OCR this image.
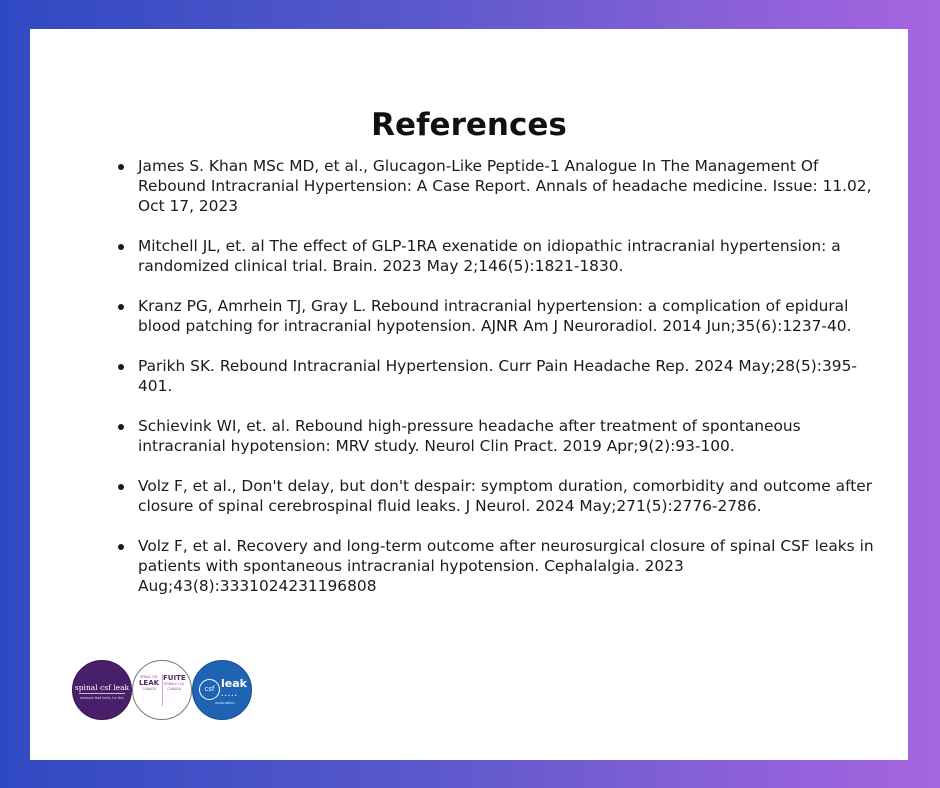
References
James S. Khan MSc MD, et al., Glucagon-Like Peptide-1 Analogue In The Management Of Rebound Intracranial Hypertension: A Case Report. Annals of headache medicine. Issue: 11.02, Oct 17, 2023
Mitchell JL, et. al The effect of GLP-1RA exenatide on idiopathic intracranial hypertension: a randomized clinical trial. Brain. 2023 May 2;146(5):1821-1830.
Kranz PG, Amrhein TJ, Gray L. Rebound intracranial hypertension: a complication of epidural blood patching for intracranial hypotension. AJNR Am J Neuroradiol. 2014 Jun;35(6):1237-40.
Parikh SK. Rebound Intracranial Hypertension. Curr Pain Headache Rep. 2024 May;28(5):395-401.
Schievink WI, et. al. Rebound high-pressure headache after treatment of spontaneous intracranial hypotension: MRV study. Neurol Clin Pract. 2019 Apr;9(2):93-100.
Volz F, et al., Don't delay, but don't despair: symptom duration, comorbidity and outcome after closure of spinal cerebrospinal fluid leaks. J Neurol. 2024 May;271(5):2776-2786.
Volz F, et al. Recovery and long-term outcome after neurosurgical closure of spinal CSF leaks in patients with spontaneous intracranial hypotension. Cephalalgia. 2023 Aug;43(8):3331024231196808
spinal csf leak
because that hurts, try this
SPINAL CSF
LEAK
CANADA
FUITE
SPINALE LCS
CANADA	csf leak
•••••
association
